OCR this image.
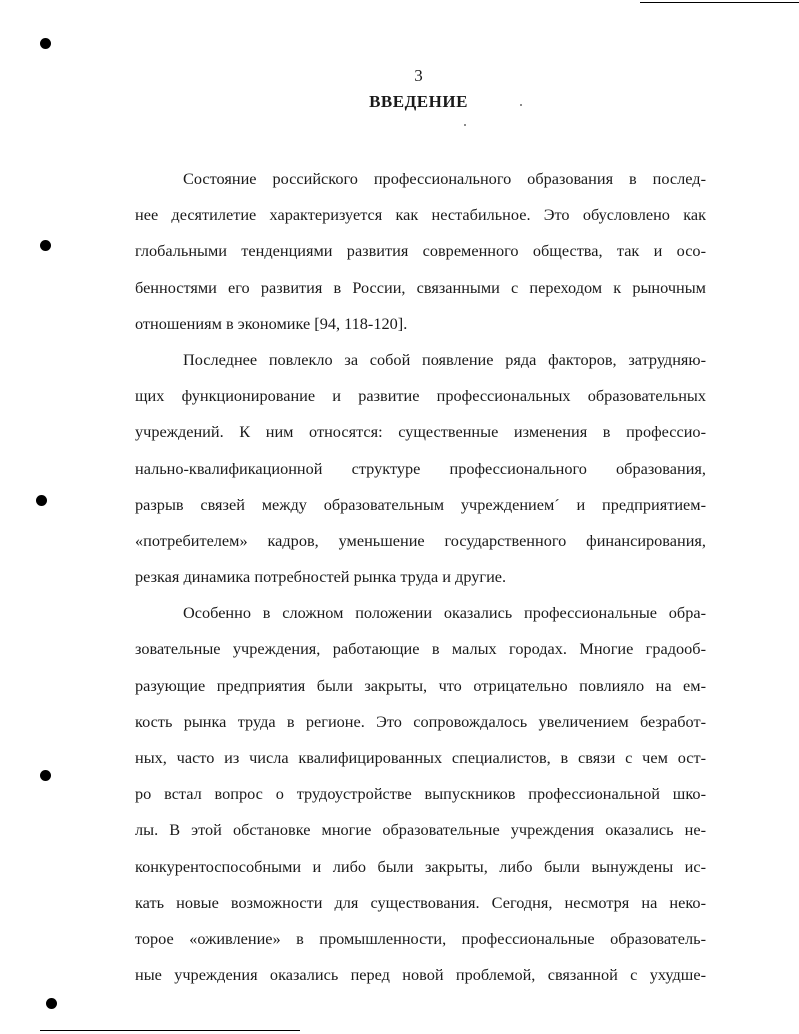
3
ВВЕДЕНИЕ
Состояние российского профессионального образования в послед-
нее десятилетие характеризуется как нестабильное. Это обусловлено как
глобальными тенденциями развития современного общества, так и осо-
бенностями его развития в России, связанными с переходом к рыночным
отношениям в экономике [94, 118-120].
Последнее повлекло за собой появление ряда факторов, затрудняю-
щих функционирование и развитие профессиональных образовательных
учреждений. К ним относятся: существенные изменения в профессио-
нально-квалификационной структуре профессионального образования,
разрыв связей между образовательным учреждением´ и предприятием-
«потребителем» кадров, уменьшение государственного финансирования,
резкая динамика потребностей рынка труда и другие.
Особенно в сложном положении оказались профессиональные обра-
зовательные учреждения, работающие в малых городах. Многие градооб-
разующие предприятия были закрыты, что отрицательно повлияло на ем-
кость рынка труда в регионе. Это сопровождалось увеличением безработ-
ных, часто из числа квалифицированных специалистов, в связи с чем ост-
ро встал вопрос о трудоустройстве выпускников профессиональной шко-
лы. В этой обстановке многие образовательные учреждения оказались не-
конкурентоспособными и либо были закрыты, либо были вынуждены ис-
кать новые возможности для существования. Сегодня, несмотря на неко-
торое «оживление» в промышленности, профессиональные образователь-
ные учреждения оказались перед новой проблемой, связанной с ухудше-
